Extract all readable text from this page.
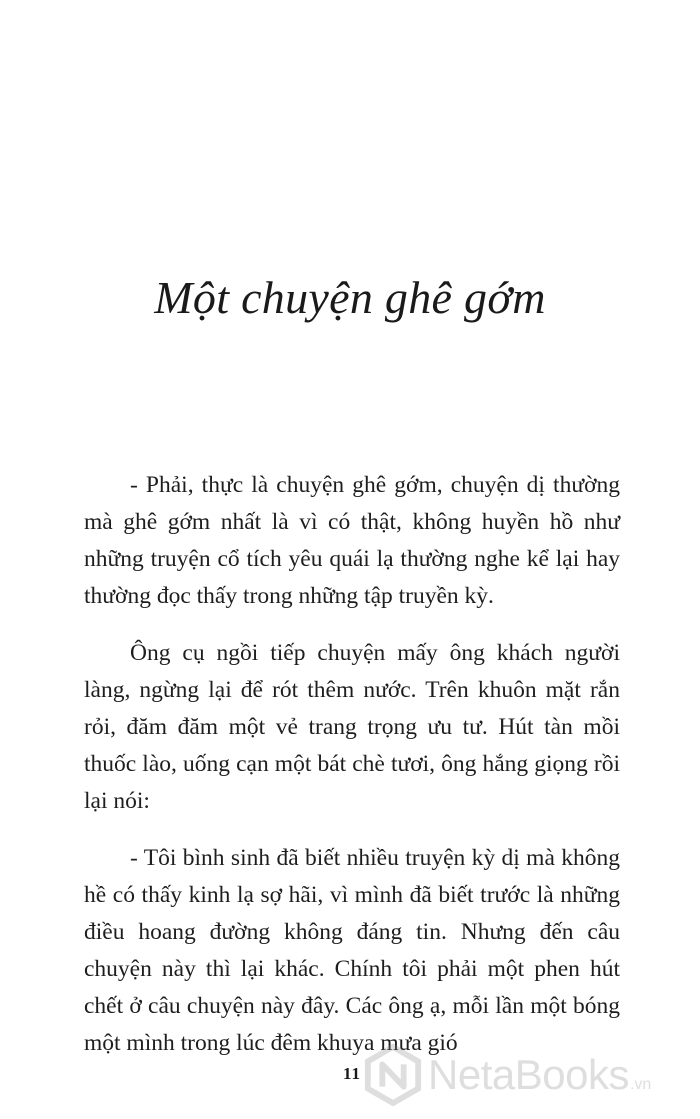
Một chuyện ghê gớm

- Phải, thực là chuyện ghê gớm, chuyện dị thường mà ghê gớm nhất là vì có thật, không huyền hồ như những truyện cổ tích yêu quái lạ thường nghe kể lại hay thường đọc thấy trong những tập truyền kỳ.

Ông cụ ngồi tiếp chuyện mấy ông khách người làng, ngừng lại để rót thêm nước. Trên khuôn mặt rắn rỏi, đăm đăm một vẻ trang trọng ưu tư. Hút tàn mồi thuốc lào, uống cạn một bát chè tươi, ông hắng giọng rồi lại nói:

- Tôi bình sinh đã biết nhiều truyện kỳ dị mà không hề có thấy kinh lạ sợ hãi, vì mình đã biết trước là những điều hoang đường không đáng tin. Nhưng đến câu chuyện này thì lại khác. Chính tôi phải một phen hút chết ở câu chuyện này đây. Các ông ạ, mỗi lần một bóng một mình trong lúc đêm khuya mưa gió

11 NetaBooks .vn
